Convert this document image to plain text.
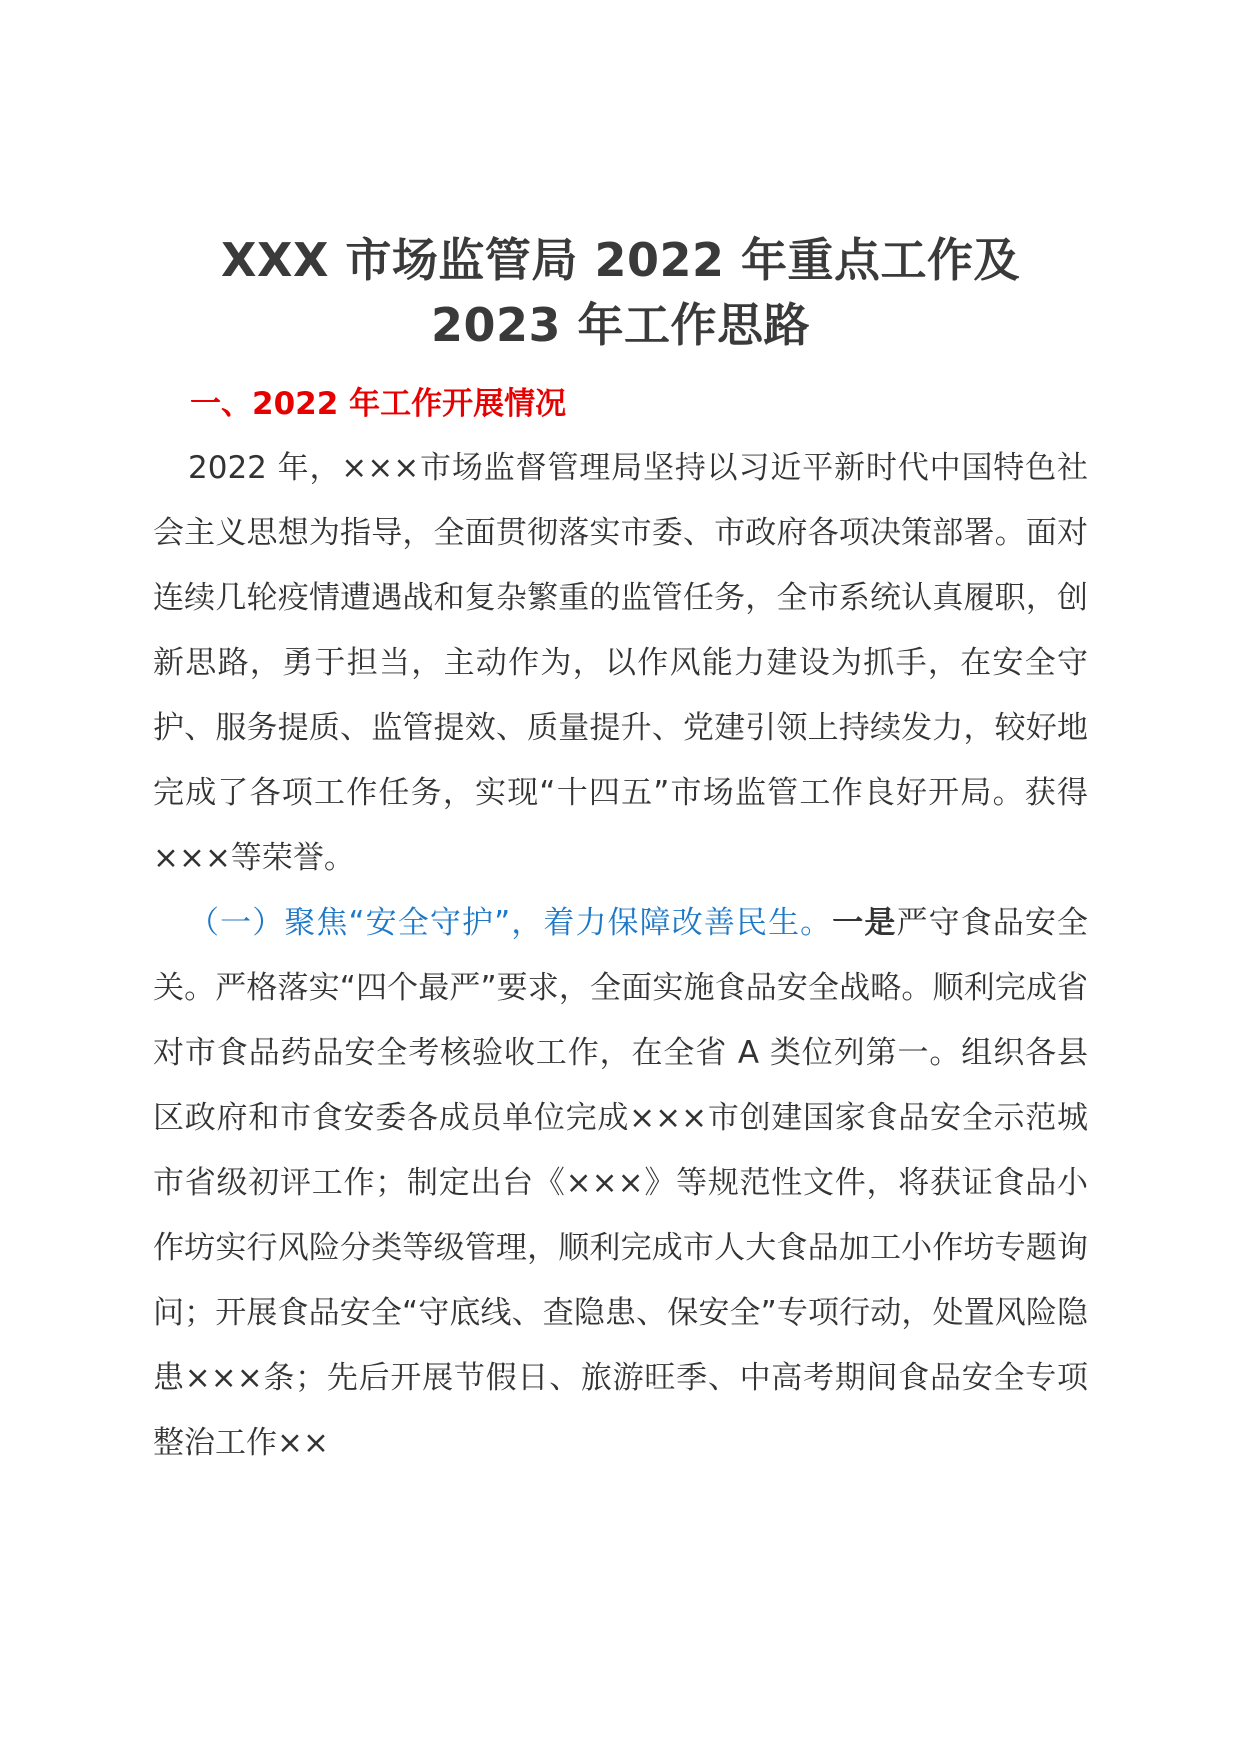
XXX 市场监管局 2022 年重点工作及 2023 年工作思路
一、2022 年工作开展情况

2022 年，×××市场监督管理局坚持以习近平新时代中国特色社会主义思想为指导，全面贯彻落实市委、市政府各项决策部署。面对连续几轮疫情遭遇战和复杂繁重的监管任务，全市系统认真履职，创新思路，勇于担当，主动作为，以作风能力建设为抓手，在安全守护、服务提质、监管提效、质量提升、党建引领上持续发力，较好地完成了各项工作任务，实现“十四五”市场监管工作良好开局。获得×××等荣誉。

（一）聚焦“安全守护”，着力保障改善民生。一是严守食品安全关。严格落实“四个最严”要求，全面实施食品安全战略。顺利完成省对市食品药品安全考核验收工作，在全省 A 类位列第一。组织各县区政府和市食安委各成员单位完成×××市创建国家食品安全示范城市省级初评工作；制定出台《×××》等规范性文件，将获证食品小作坊实行风险分类等级管理，顺利完成市人大食品加工小作坊专题询问；开展食品安全“守底线、查隐患、保安全”专项行动，处置风险隐患×××条；先后开展节假日、旅游旺季、中高考期间食品安全专项整治工作××
